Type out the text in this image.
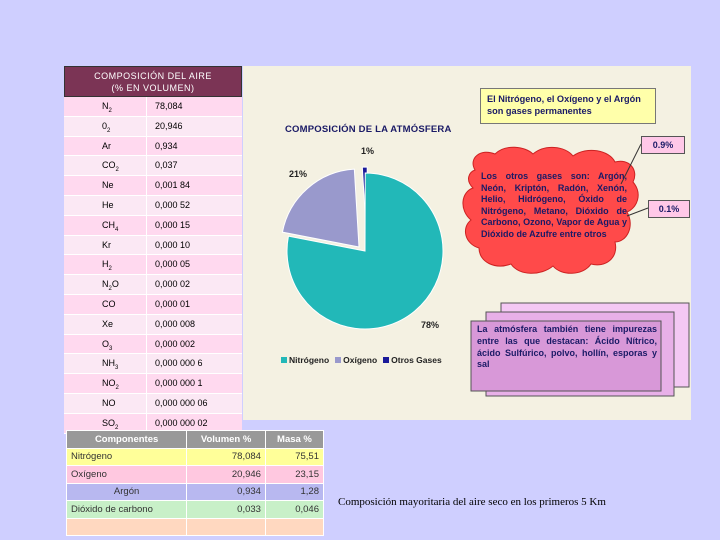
COMPOSICIÓN DEL AIRE
(% EN VOLUMEN)
$N_2$	78,084
$0_2$	20,946
Ar	0,934
$CO_2$	0,037
Ne	0,001 84
He	0,000 52
$CH_4$	0,000 15
Kr	0,000 10
$H_2$	0,000 05
$N_2O$	0,000 02
CO	0,000 01
Xe	0,000 008
$O_3$	0,000 002
$NH_3$	0,000 000 6
$NO_2$	0,000 000 1
NO	0,000 000 06
$SO_2$	0,000 000 02
COMPOSICIÓN DE LA ATMÓSFERA
1%
21%
78%
Nitrógeno Oxígeno Otros Gases
El Nitrógeno, el Oxígeno y el Argón son gases permanentes
0.9%
0.1%
Los otros gases son: Argón, Neón, Kriptón, Radón, Xenón, Helio, Hidrógeno, Óxido de Nitrógeno, Metano, Dióxido de Carbono, Ozono, Vapor de Agua y Dióxido de Azufre entre otros
La atmósfera también tiene impurezas entre las que destacan: Ácido Nítrico, ácido Sulfúrico, polvo, hollín, esporas y sal
Componentes	Volumen %	Masa %
Nitrógeno	78,084	75,51
Oxígeno	20,946	23,15
Argón	0,934	1,28
Dióxido de carbono	0,033	0,046

Composición mayoritaria del aire seco en los primeros 5 Km
